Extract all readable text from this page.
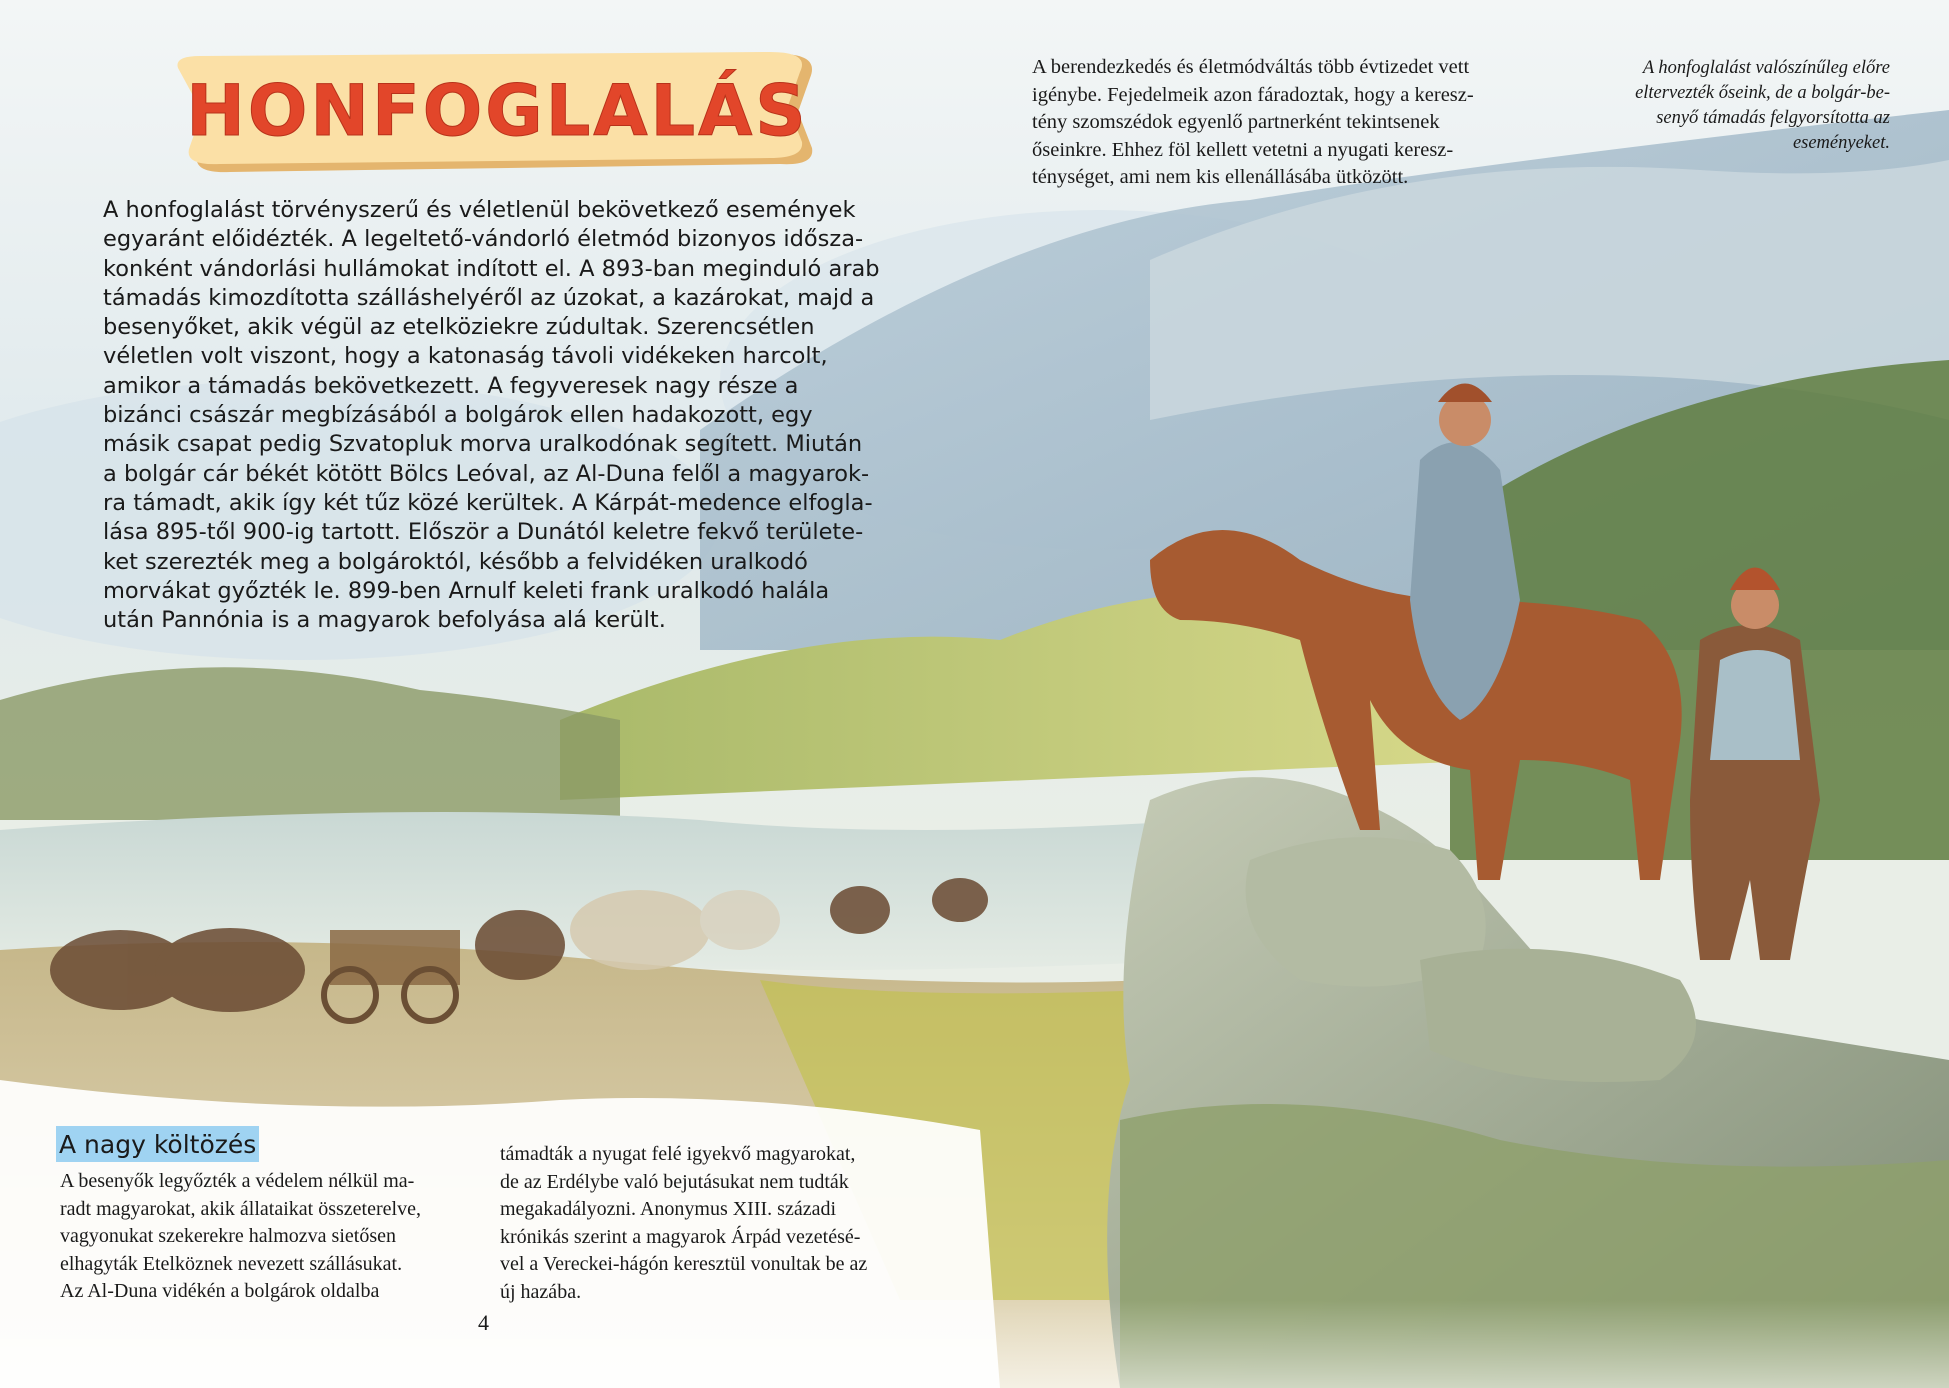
HONFOGLALÁS

A honfoglalást törvényszerű és véletlenül bekövetkező események
egyaránt előidézték. A legeltető-vándorló életmód bizonyos idősza-
konként vándorlási hullámokat indított el. A 893-ban meginduló arab
támadás kimozdította szálláshelyéről az úzokat, a kazárokat, majd a
besenyőket, akik végül az etelköziekre zúdultak. Szerencsétlen
véletlen volt viszont, hogy a katonaság távoli vidékeken harcolt,
amikor a támadás bekövetkezett. A fegyveresek nagy része a
bizánci császár megbízásából a bolgárok ellen hadakozott, egy
másik csapat pedig Szvatopluk morva uralkodónak segített. Miután
a bolgár cár békét kötött Bölcs Leóval, az Al-Duna felől a magyarok-
ra támadt, akik így két tűz közé kerültek. A Kárpát-medence elfogla-
lása 895-től 900-ig tartott. Először a Dunától keletre fekvő területe-
ket szerezték meg a bolgároktól, később a felvidéken uralkodó
morvákat győzték le. 899-ben Arnulf keleti frank uralkodó halála
után Pannónia is a magyarok befolyása alá került.

A berendezkedés és életmódváltás több évtizedet vett
igénybe. Fejedelmeik azon fáradoztak, hogy a keresz-
tény szomszédok egyenlő partnerként tekintsenek
őseinkre. Ehhez föl kellett vetetni a nyugati keresz-
ténységet, ami nem kis ellenállásába ütközött.

A honfoglalást valószínűleg előre
eltervezték őseink, de a bolgár-be-
senyő támadás felgyorsította az
eseményeket.

A nagy költözés

A besenyők legyőzték a védelem nélkül ma-
radt magyarokat, akik állataikat összeterelve,
vagyonukat szekerekre halmozva sietősen
elhagyták Etelköznek nevezett szállásukat.
Az Al-Duna vidékén a bolgárok oldalba

támadták a nyugat felé igyekvő magyarokat,
de az Erdélybe való bejutásukat nem tudták
megakadályozni. Anonymus XIII. századi
krónikás szerint a magyarok Árpád vezetésé-
vel a Vereckei-hágón keresztül vonultak be az
új hazába.

4
